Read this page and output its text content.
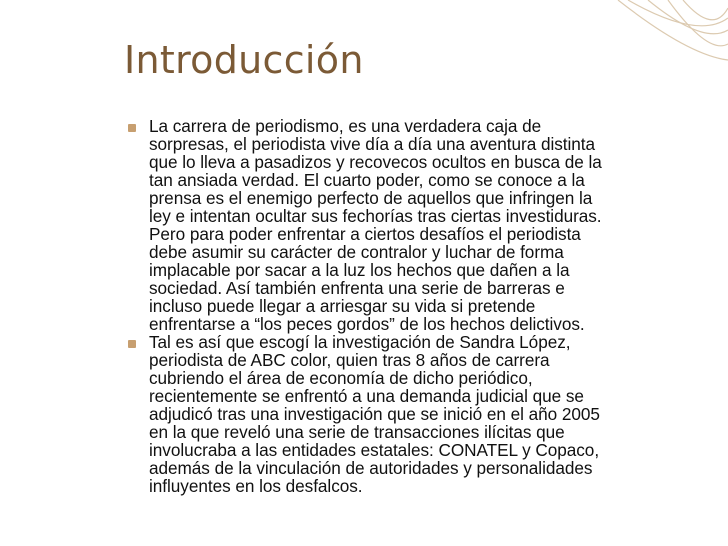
Introducción

La carrera de periodismo, es una verdadera caja de
sorpresas, el periodista vive día a día una aventura distinta
que lo lleva a pasadizos y recovecos ocultos en busca de la
tan ansiada verdad. El cuarto poder, como se conoce a la
prensa es el enemigo perfecto de aquellos que infringen la
ley e intentan ocultar sus fechorías tras ciertas investiduras.
Pero para poder enfrentar a ciertos desafíos el periodista
debe asumir su carácter de contralor y luchar de forma
implacable por sacar a la luz los hechos que dañen a la
sociedad. Así también enfrenta una serie de barreras e
incluso puede llegar a arriesgar su vida si pretende
enfrentarse a “los peces gordos” de los hechos delictivos.

Tal es así que escogí la investigación de Sandra López,
periodista de ABC color, quien tras 8 años de carrera
cubriendo el área de economía de dicho periódico,
recientemente se enfrentó a una demanda judicial que se
adjudicó tras una investigación que se inició en el año 2005
en la que reveló una serie de transacciones ilícitas que
involucraba a las entidades estatales: CONATEL y Copaco,
además de la vinculación de autoridades y personalidades
influyentes en los desfalcos.
